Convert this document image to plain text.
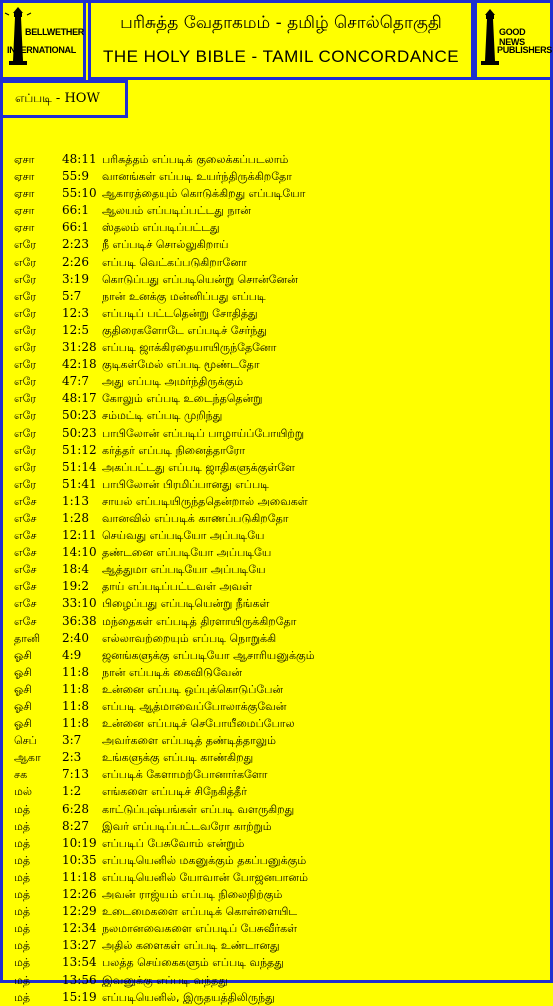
BELLWETHER
INTERNATIONAL
பரிசுத்த வேதாகமம் - தமிழ் சொல்தொகுதி
THE HOLY BIBLE - TAMIL CONCORDANCE
GOOD NEWS
PUBLISHERS
எப்படி - HOW
ஏசா 48:11 பரிசுத்தம் எப்படிக் குலைக்கப்படலாம்
ஏசா 55:9 வானங்கள் எப்படி உயர்ந்திருக்கிறதோ
ஏசா 55:10 ஆகாரத்தையும் கொடுக்கிறது எப்படியோ
ஏசா 66:1 ஆலயம் எப்படிப்பட்டது நான்
ஏசா 66:1 ஸ்தலம் எப்படிப்பட்டது
எரே 2:23 நீ எப்படிச் சொல்லுகிறாய்
எரே 2:26 எப்படி வெட்கப்படுகிறானோ
எரே 3:19 கொடுப்பது எப்படியென்று சொன்னேன்
எரே 5:7 நான் உனக்கு மன்னிப்பது எப்படி
எரே 12:3 எப்படிப் பட்டதென்று சோதித்து
எரே 12:5 குதிரைகளோடே எப்படிச் சேர்ந்து
எரே 31:28 எப்படி ஜாக்கிரதையாயிருந்தேனோ
எரே 42:18 குடிகள்மேல் எப்படி மூண்டதோ
எரே 47:7 அது எப்படி அமர்ந்திருக்கும்
எரே 48:17 கோலும் எப்படி உடைந்ததென்று
எரே 50:23 சம்மட்டி எப்படி முறிந்து
எரே 50:23 பாபிலோன் எப்படிப் பாழாய்ப்போயிற்று
எரே 51:12 கர்த்தர் எப்படி நினைத்தாரோ
எரே 51:14 அகப்பட்டது எப்படி ஜாதிகளுக்குள்ளே
எரே 51:41 பாபிலோன் பிரமிப்பானது எப்படி
எசே 1:13 சாயல் எப்படியிருந்ததென்றால் அவைகள்
எசே 1:28 வானவில் எப்படிக் காணப்படுகிறதோ
எசே 12:11 செய்வது எப்படியோ அப்படியே
எசே 14:10 தண்டனை எப்படியோ அப்படியே
எசே 18:4 ஆத்துமா எப்படியோ அப்படியே
எசே 19:2 தாய் எப்படிப்பட்டவள் அவள்
எசே 33:10 பிழைப்பது எப்படியென்று நீங்கள்
எசே 36:38 மந்தைகள் எப்படித் திரளாயிருக்கிறதோ
தானி 2:40 எல்லாவற்றையும் எப்படி நொறுக்கி
ஓசி	4:9 ஜனங்களுக்கு எப்படியோ ஆசாரியனுக்கும்
ஓசி	11:8 நான் எப்படிக் கைவிடுவேன்
ஓசி	11:8 உன்னை எப்படி ஒப்புக்கொடுப்பேன்
ஓசி	11:8 எப்படி ஆத்மாவைப்போலாக்குவேன்
ஓசி	11:8 உன்னை எப்படிச் செபோயீமைப்போல
செப் 3:7 அவர்களை எப்படித் தண்டித்தாலும்
ஆகா 2:3 உங்களுக்கு எப்படி காண்கிறது
சக	7:13 எப்படிக் கேளாமற்போனார்களோ
மல்	1:2 எங்களை எப்படிச் சிநேகித்தீர்
மத்	6:28 காட்டுப்புஷ்பங்கள் எப்படி வளருகிறது
மத்	8:27 இவர் எப்படிப்பட்டவரோ காற்றும்
மத்	10:19 எப்படிப் பேசுவோம் என்றும்
மத்	10:35 எப்படியெனில் மகனுக்கும் தகப்பனுக்கும்
மத்	11:18 எப்படியெனில் யோவான் போஜனபானம்
மத்	12:26 அவன் ராஜ்யம் எப்படி நிலைநிற்கும்
மத்	12:29 உடைமைகளை எப்படிக் கொள்ளையிட
மத்	12:34 நலமானவைகளை எப்படிப் பேசுவீர்கள்
மத்	13:27 அதில் களைகள் எப்படி உண்டானது
மத்	13:54 பலத்த செய்கைகளும் எப்படி வந்தது
மத்	13:56 இவனுக்கு எப்படி வந்தது
மத்	15:19 எப்படியெனில், இருதயத்திலிருந்து
